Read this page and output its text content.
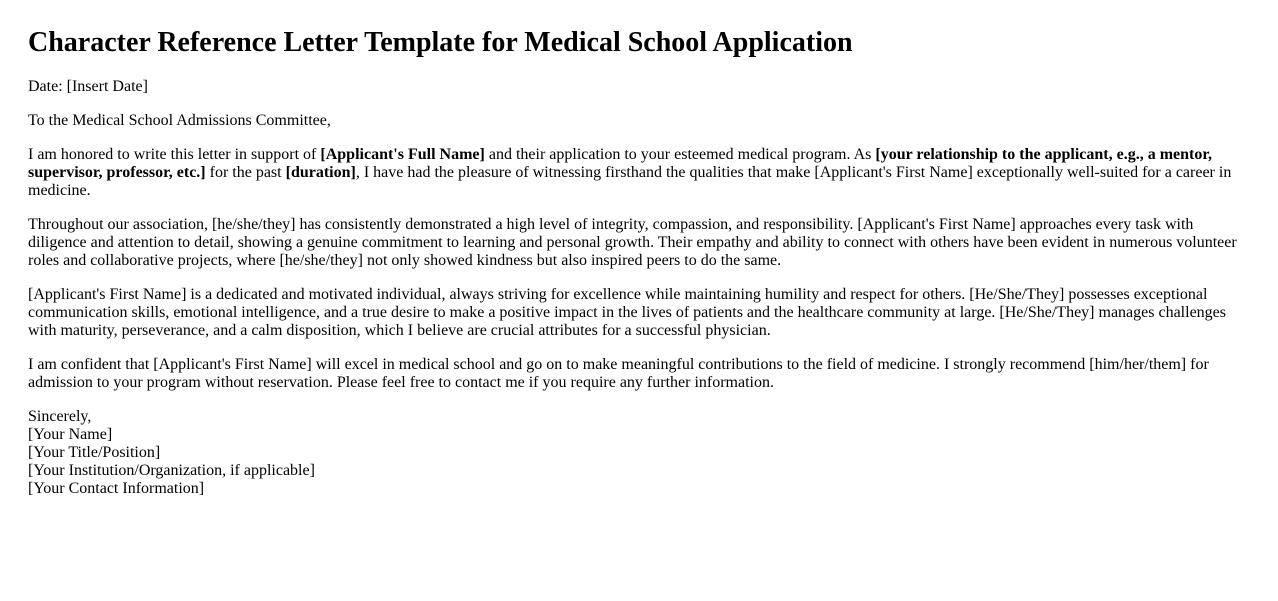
Character Reference Letter Template for Medical School Application

Date: [Insert Date]

To the Medical School Admissions Committee,

I am honored to write this letter in support of [Applicant's Full Name] and their application to your esteemed medical program. As [your relationship to the applicant, e.g., a mentor, supervisor, professor, etc.] for the past [duration], I have had the pleasure of witnessing firsthand the qualities that make [Applicant's First Name] exceptionally well-suited for a career in medicine.

Throughout our association, [he/she/they] has consistently demonstrated a high level of integrity, compassion, and responsibility. [Applicant's First Name] approaches every task with diligence and attention to detail, showing a genuine commitment to learning and personal growth. Their empathy and ability to connect with others have been evident in numerous volunteer roles and collaborative projects, where [he/she/they] not only showed kindness but also inspired peers to do the same.

[Applicant's First Name] is a dedicated and motivated individual, always striving for excellence while maintaining humility and respect for others. [He/She/They] possesses exceptional communication skills, emotional intelligence, and a true desire to make a positive impact in the lives of patients and the healthcare community at large. [He/She/They] manages challenges with maturity, perseverance, and a calm disposition, which I believe are crucial attributes for a successful physician.

I am confident that [Applicant's First Name] will excel in medical school and go on to make meaningful contributions to the field of medicine. I strongly recommend [him/her/them] for admission to your program without reservation. Please feel free to contact me if you require any further information.

Sincerely,
[Your Name]
[Your Title/Position]
[Your Institution/Organization, if applicable]
[Your Contact Information]
